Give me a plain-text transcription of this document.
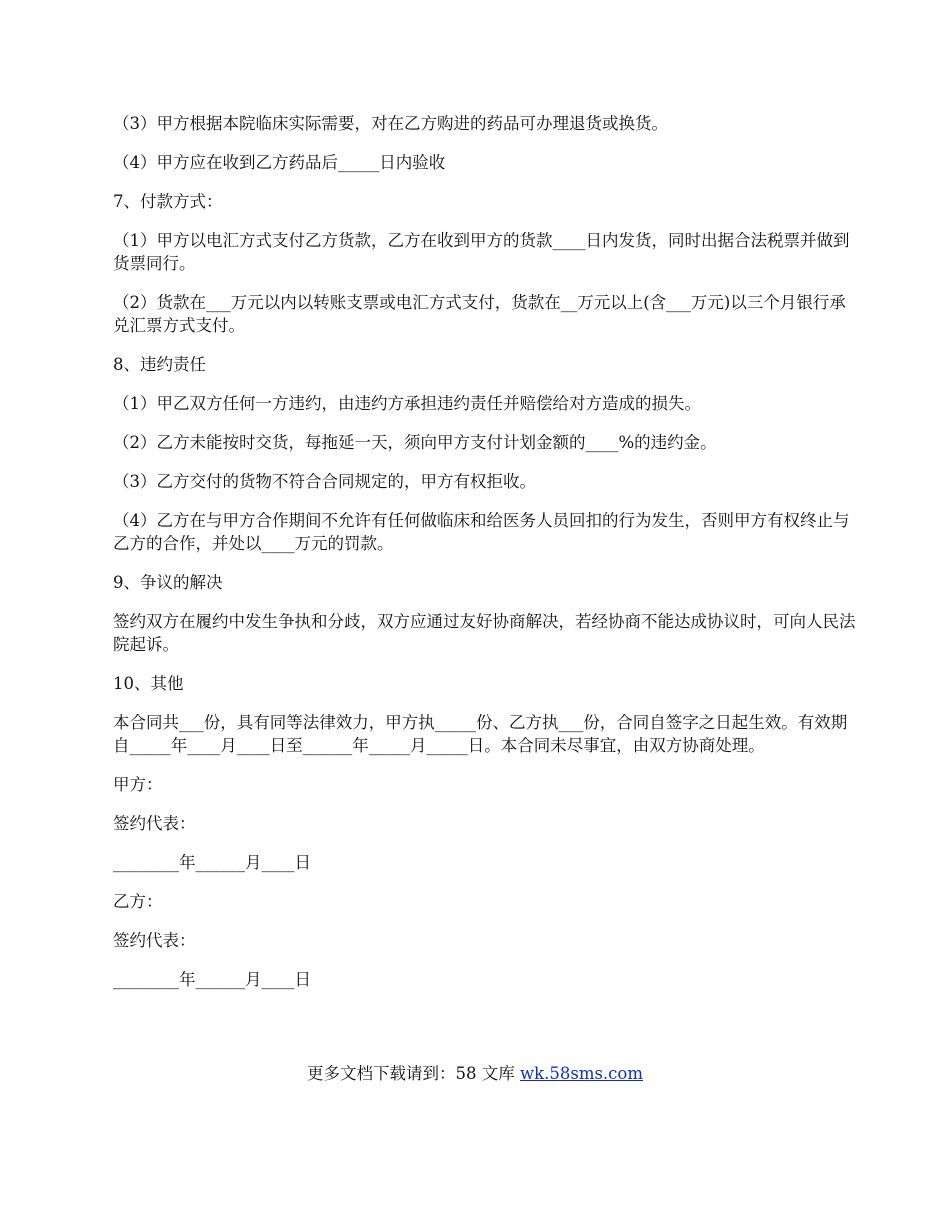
（3）甲方根据本院临床实际需要，对在乙方购进的药品可办理退货或换货。

（4）甲方应在收到乙方药品后_____日内验收

7、付款方式：

（1）甲方以电汇方式支付乙方货款，乙方在收到甲方的货款____日内发货，同时出据合法税票并做到货票同行。

（2）货款在___万元以内以转账支票或电汇方式支付，货款在__万元以上(含___万元)以三个月银行承兑汇票方式支付。

8、违约责任

（1）甲乙双方任何一方违约，由违约方承担违约责任并赔偿给对方造成的损失。

（2）乙方未能按时交货，每拖延一天，须向甲方支付计划金额的____%的违约金。

（3）乙方交付的货物不符合合同规定的，甲方有权拒收。

（4）乙方在与甲方合作期间不允许有任何做临床和给医务人员回扣的行为发生，否则甲方有权终止与乙方的合作，并处以____万元的罚款。

9、争议的解决

签约双方在履约中发生争执和分歧，双方应通过友好协商解决，若经协商不能达成协议时，可向人民法院起诉。

10、其他

本合同共___份，具有同等法律效力，甲方执_____份、乙方执___份，合同自签字之日起生效。有效期自_____年____月____日至______年_____月_____日。本合同未尽事宜，由双方协商处理。

甲方：

签约代表：

________年______月____日

乙方：

签约代表：

________年______月____日

更多文档下载请到：58 文库 wk.58sms.com
